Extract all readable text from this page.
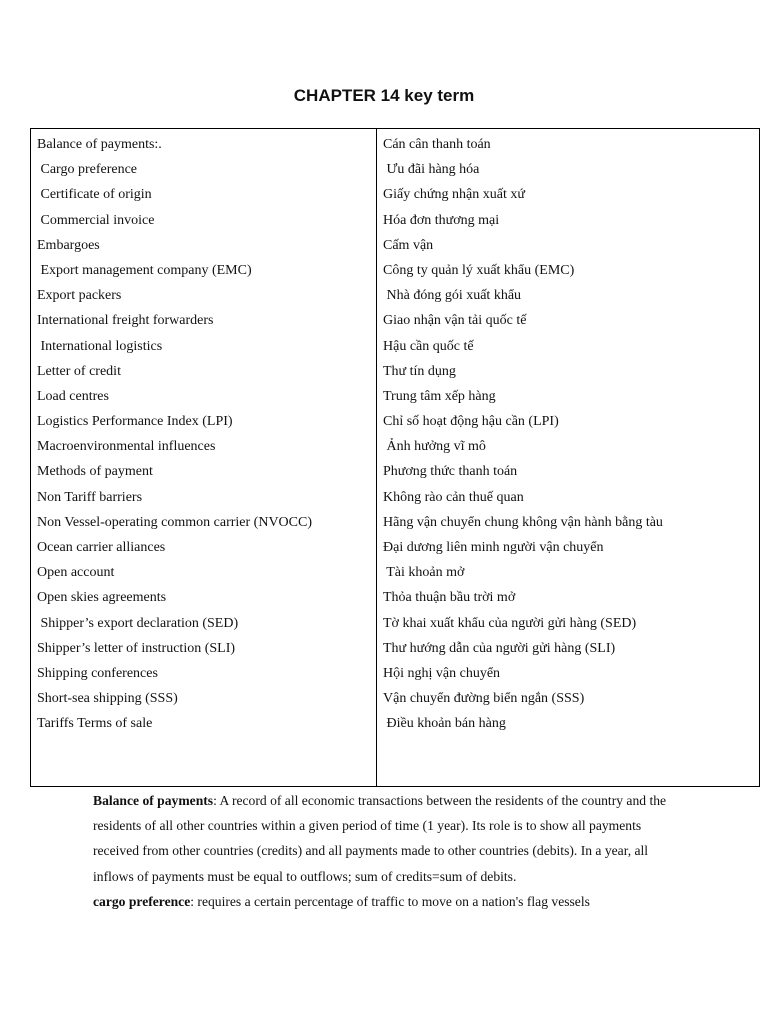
CHAPTER 14 key term
Balance of payments:.
Cargo preference
Certificate of origin
Commercial invoice
Embargoes
Export management company (EMC)
Export packers
International freight forwarders
International logistics
Letter of credit
Load centres
Logistics Performance Index (LPI)
Macroenvironmental influences
Methods of payment
Non Tariff barriers
Non Vessel-operating common carrier (NVOCC)
Ocean carrier alliances
Open account
Open skies agreements
Shipper’s export declaration (SED)
Shipper’s letter of instruction (SLI)
Shipping conferences
Short-sea shipping (SSS)
Tariffs Terms of sale
Cán cân thanh toán
Ưu đãi hàng hóa
Giấy chứng nhận xuất xứ
Hóa đơn thương mại
Cấm vận
Công ty quản lý xuất khẩu (EMC)
Nhà đóng gói xuất khẩu
Giao nhận vận tải quốc tế
Hậu cần quốc tế
Thư tín dụng
Trung tâm xếp hàng
Chỉ số hoạt động hậu cần (LPI)
Ảnh hưởng vĩ mô
Phương thức thanh toán
Không rào cản thuế quan
Hãng vận chuyển chung không vận hành bằng tàu
Đại dương liên minh người vận chuyển
Tài khoản mở
Thỏa thuận bầu trời mở
Tờ khai xuất khẩu của người gửi hàng (SED)
Thư hướng dẫn của người gửi hàng (SLI)
Hội nghị vận chuyển
Vận chuyển đường biển ngắn (SSS)
Điều khoản bán hàng

Balance of payments: A record of all economic transactions between the residents of the country and the residents of all other countries within a given period of time (1 year). Its role is to show all payments received from other countries (credits) and all payments made to other countries (debits). In a year, all inflows of payments must be equal to outflows; sum of credits=sum of debits.

cargo preference: requires a certain percentage of traffic to move on a nation's flag vessels
